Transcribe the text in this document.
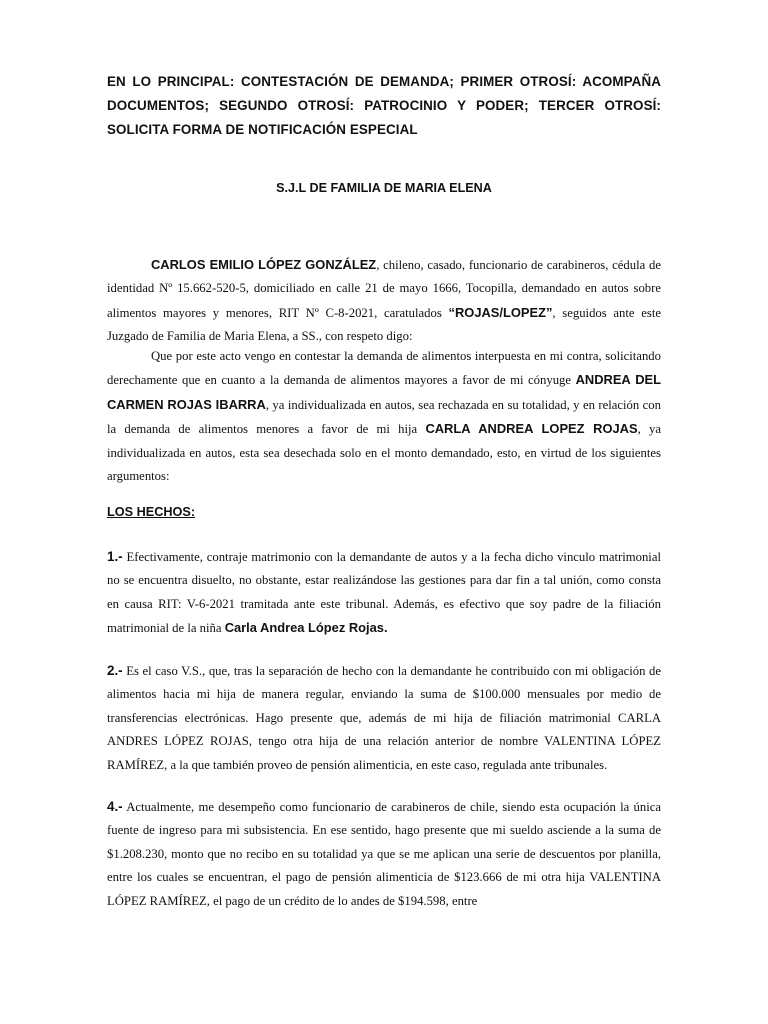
EN LO PRINCIPAL: CONTESTACIÓN DE DEMANDA; PRIMER OTROSÍ: ACOMPAÑA DOCUMENTOS; SEGUNDO OTROSÍ: PATROCINIO Y PODER; TERCER OTROSÍ: SOLICITA FORMA DE NOTIFICACIÓN ESPECIAL
S.J.L DE FAMILIA DE MARIA ELENA
CARLOS EMILIO LÓPEZ GONZÁLEZ, chileno, casado, funcionario de carabineros, cédula de identidad Nº 15.662-520-5, domiciliado en calle 21 de mayo 1666, Tocopilla, demandado en autos sobre alimentos mayores y menores, RIT Nº C-8-2021, caratulados “ROJAS/LOPEZ”, seguidos ante este Juzgado de Familia de Maria Elena, a SS., con respeto digo:
Que por este acto vengo en contestar la demanda de alimentos interpuesta en mi contra, solicitando derechamente que en cuanto a la demanda de alimentos mayores a favor de mi cónyuge ANDREA DEL CARMEN ROJAS IBARRA, ya individualizada en autos, sea rechazada en su totalidad, y en relación con la demanda de alimentos menores a favor de mi hija CARLA ANDREA LOPEZ ROJAS, ya individualizada en autos, esta sea desechada solo en el monto demandado, esto, en virtud de los siguientes argumentos:
LOS HECHOS:
1.- Efectivamente, contraje matrimonio con la demandante de autos y a la fecha dicho vinculo matrimonial no se encuentra disuelto, no obstante, estar realizándose las gestiones para dar fin a tal unión, como consta en causa RIT: V-6-2021 tramitada ante este tribunal. Además, es efectivo que soy padre de la filiación matrimonial de la niña Carla Andrea López Rojas.
2.- Es el caso V.S., que, tras la separación de hecho con la demandante he contribuido con mi obligación de alimentos hacia mi hija de manera regular, enviando la suma de $100.000 mensuales por medio de transferencias electrónicas. Hago presente que, además de mi hija de filiación matrimonial CARLA ANDRES LÓPEZ ROJAS, tengo otra hija de una relación anterior de nombre VALENTINA LÓPEZ RAMÍREZ, a la que también proveo de pensión alimenticia, en este caso, regulada ante tribunales.
4.- Actualmente, me desempeño como funcionario de carabineros de chile, siendo esta ocupación la única fuente de ingreso para mi subsistencia. En ese sentido, hago presente que mi sueldo asciende a la suma de $1.208.230, monto que no recibo en su totalidad ya que se me aplican una serie de descuentos por planilla, entre los cuales se encuentran, el pago de pensión alimenticia de $123.666 de mi otra hija VALENTINA LÓPEZ RAMÍREZ, el pago de un crédito de lo andes de $194.598, entre
